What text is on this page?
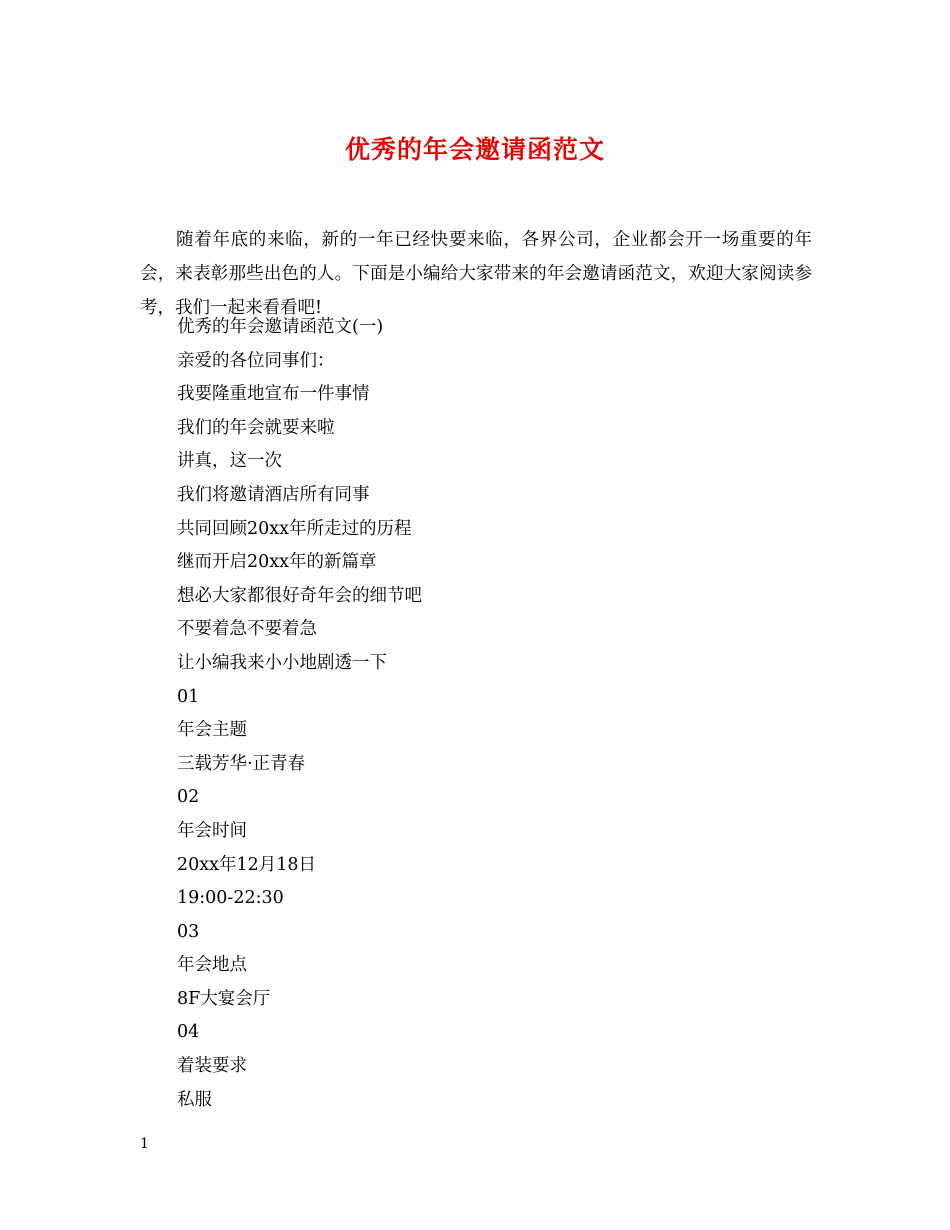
优秀的年会邀请函范文

随着年底的来临，新的一年已经快要来临，各界公司，企业都会开一场重要的年会，来表彰那些出色的人。下面是小编给大家带来的年会邀请函范文，欢迎大家阅读参考，我们一起来看看吧!

优秀的年会邀请函范文(一)
亲爱的各位同事们：
我要隆重地宣布一件事情
我们的年会就要来啦
讲真，这一次
我们将邀请酒店所有同事
共同回顾20xx年所走过的历程
继而开启20xx年的新篇章
想必大家都很好奇年会的细节吧
不要着急不要着急
让小编我来小小地剧透一下
01
年会主题
三载芳华·正青春
02
年会时间
20xx年12月18日
19:00-22:30
03
年会地点
8F大宴会厅
04
着装要求
私服
1
